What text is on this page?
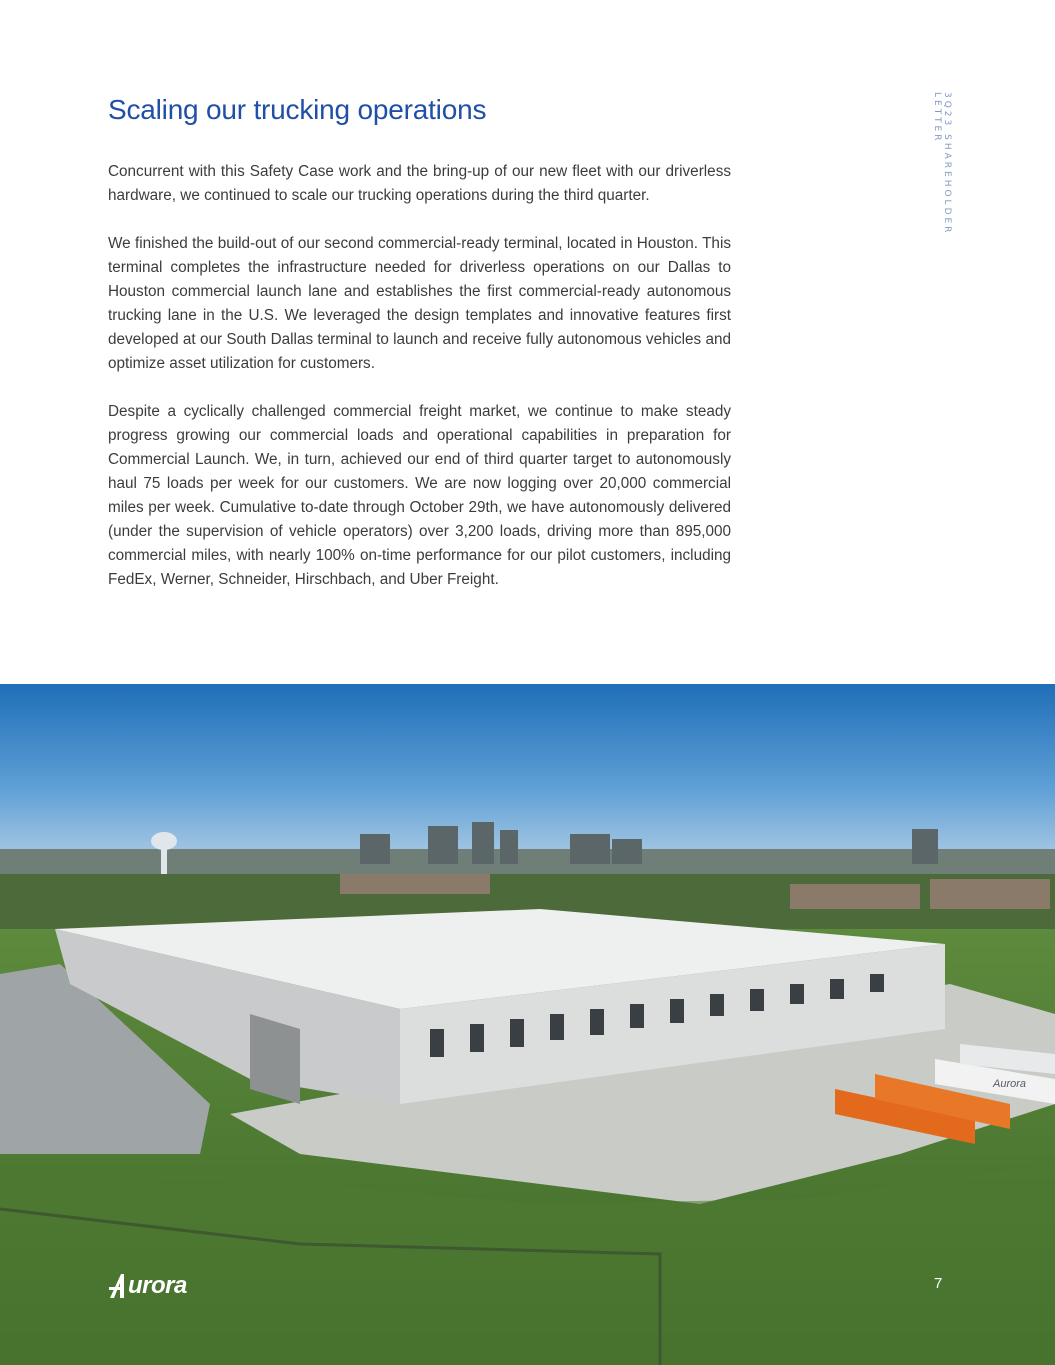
Scaling our trucking operations	3Q23 SHAREHOLDER LETTER

Concurrent with this Safety Case work and the bring-up of our new fleet with our driverless hardware, we continued to scale our trucking operations during the third quarter.

We finished the build-out of our second commercial-ready terminal, located in Houston. This terminal completes the infrastructure needed for driverless operations on our Dallas to Houston commercial launch lane and establishes the first commercial-ready autonomous trucking lane in the U.S. We leveraged the design templates and innovative features first developed at our South Dallas terminal to launch and receive fully autonomous vehicles and optimize asset utilization for customers.

Despite a cyclically challenged commercial freight market, we continue to make steady progress growing our commercial loads and operational capabilities in preparation for Commercial Launch. We, in turn, achieved our end of third quarter target to autonomously haul 75 loads per week for our customers. We are now logging over 20,000 commercial miles per week. Cumulative to-date through October 29th, we have autonomously delivered (under the supervision of vehicle operators) over 3,200 loads, driving more than 895,000 commercial miles, with nearly 100% on-time performance for our pilot customers, including FedEx, Werner, Schneider, Hirschbach, and Uber Freight.

Aurora
urora	7
